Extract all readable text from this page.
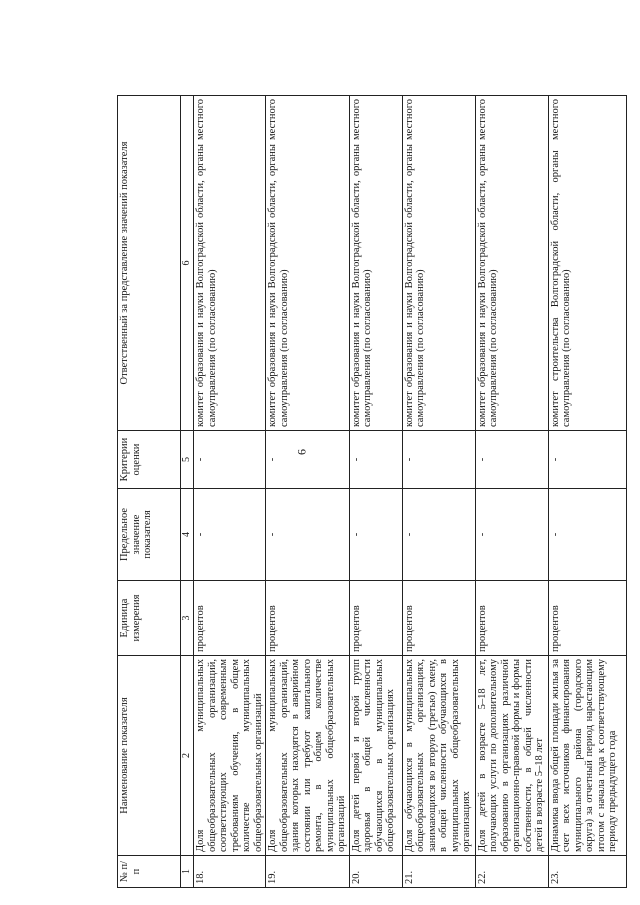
6
№ п/п	Наименование показателя	Единица измерения	Предельное значение показателя	Критерии оценки	Ответственный за представление значений показателя
1	2	3	4	5	6
18.	Доля муниципальных общеобразовательных организаций, соответствующих современным требованиям обучения, в общем количестве муниципальных общеобразовательных организаций	процентов	-	-	комитет образования и науки Волгоградской области, органы местного самоуправления (по согласованию)
19.	Доля муниципальных общеобразовательных организаций, здания которых находятся в аварийном состоянии или требуют капитального ремонта, в общем количестве муниципальных общеобразовательных организаций	процентов	-	-	комитет образования и науки Волгоградской области, органы местного самоуправления (по согласованию)
20.	Доля детей первой и второй групп здоровья в общей численности обучающихся в муниципальных общеобразовательных организациях	процентов	-	-	комитет образования и науки Волгоградской области, органы местного самоуправления (по согласованию)
21.	Доля обучающихся в муниципальных общеобразовательных организациях, занимающихся во вторую (третью) смену, в общей численности обучающихся в муниципальных общеобразовательных организациях	процентов	-	-	комитет образования и науки Волгоградской области, органы местного самоуправления (по согласованию)
22.	Доля детей в возрасте 5–18 лет, получающих услуги по дополнительному образованию в организациях различной организационно-правовой формы и формы собственности, в общей численности детей в возрасте 5–18 лет	процентов	-	-	комитет образования и науки Волгоградской области, органы местного самоуправления (по согласованию)
23.	Динамика ввода общей площади жилья за счет всех источников финансирования муниципального района (городского округа) за отчетный период нарастающим итогом с начала года к соответствующему периоду предыдущего года	процентов	-	-	комитет строительства Волгоградской области, органы местного самоуправления (по согласованию)
